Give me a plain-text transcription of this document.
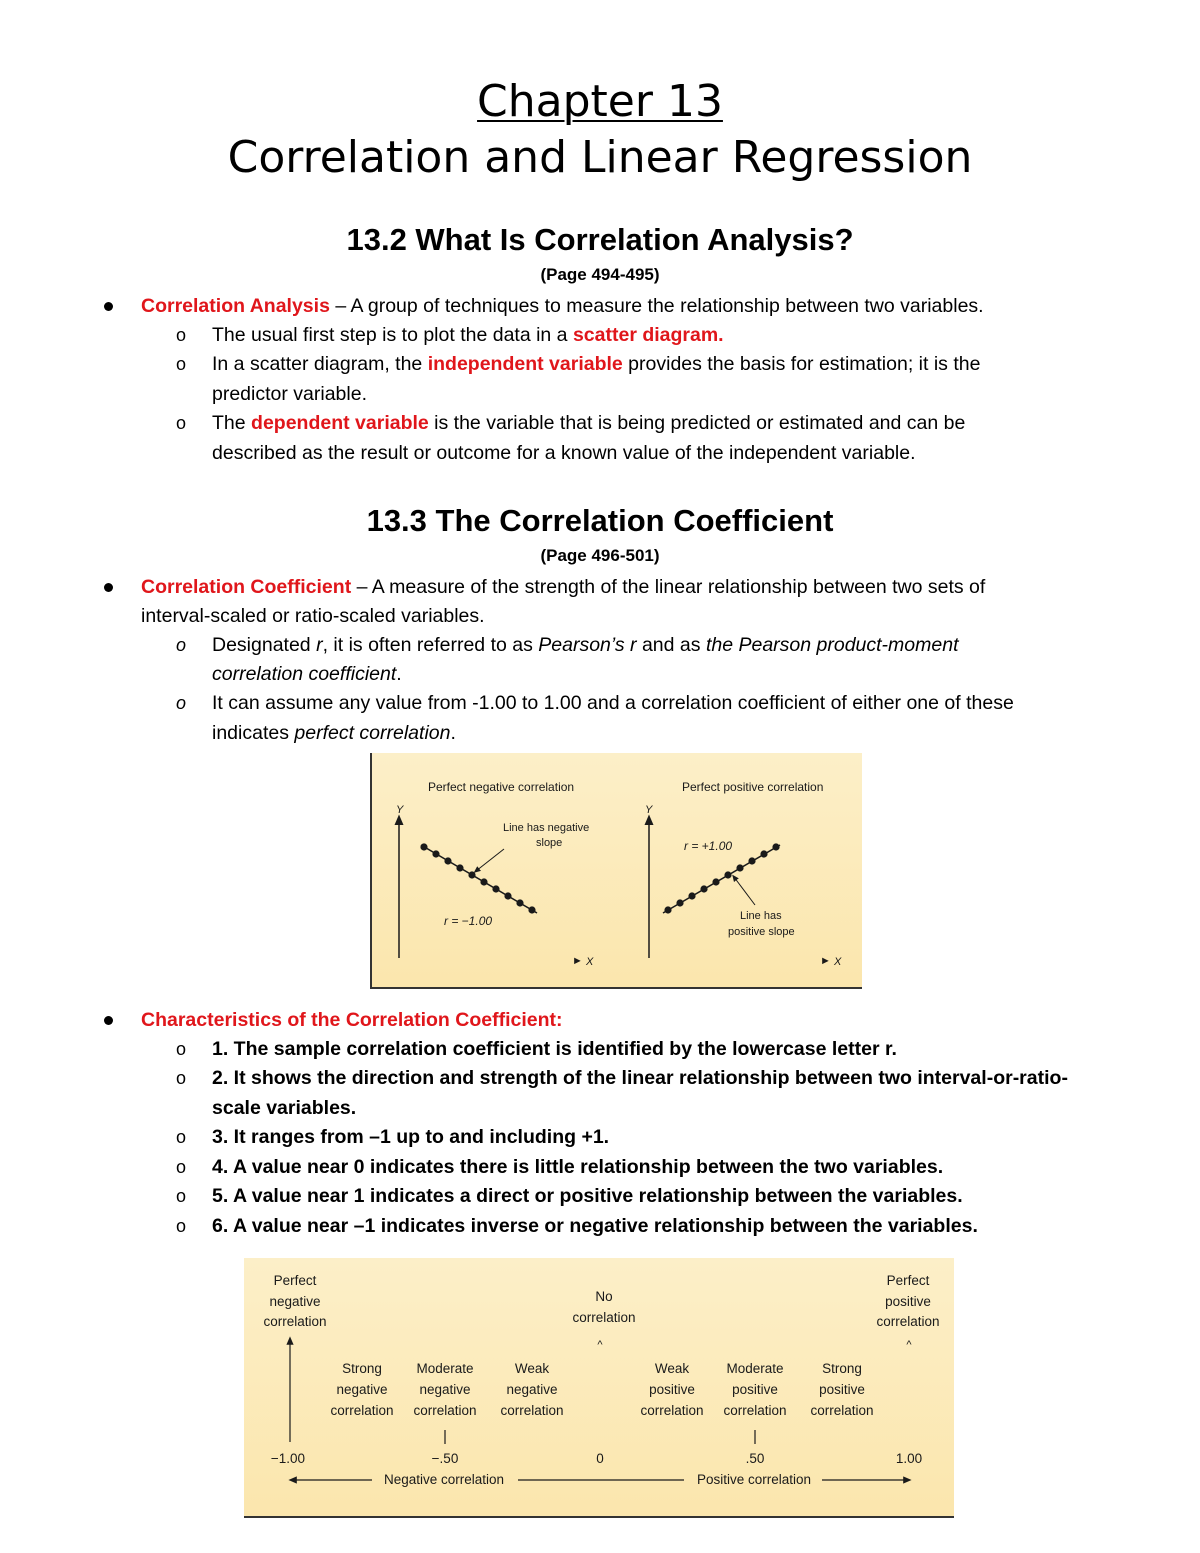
Chapter 13
Correlation and Linear Regression
13.2 What Is Correlation Analysis?
(Page 494-495)
Correlation Analysis – A group of techniques to measure the relationship between two variables.
o The usual first step is to plot the data in a scatter diagram.
o In a scatter diagram, the independent variable provides the basis for estimation; it is the
predictor variable.
o The dependent variable is the variable that is being predicted or estimated and can be
described as the result or outcome for a known value of the independent variable.
13.3 The Correlation Coefficient
(Page 496-501)
Correlation Coefficient – A measure of the strength of the linear relationship between two sets of
interval-scaled or ratio-scaled variables.
o Designated r, it is often referred to as Pearson’s r and as the Pearson product-moment
correlation coefficient.
o It can assume any value from -1.00 to 1.00 and a correlation coefficient of either one of these
indicates perfect correlation.
Perfect negative correlation
Y
Line has negative
slope
r = −1.00
X
►
Perfect positive correlation
Y
r = +1.00
Line has
positive slope
X
►
Characteristics of the Correlation Coefficient:
o 1. The sample correlation coefficient is identified by the lowercase letter r.
o 2. It shows the direction and strength of the linear relationship between two interval-or-ratio-
scale variables.
o 3. It ranges from –1 up to and including +1.
o 4. A value near 0 indicates there is little relationship between the two variables.
o 5. A value near 1 indicates a direct or positive relationship between the variables.
o 6. A value near –1 indicates inverse or negative relationship between the variables.
Perfect
negative
correlation
No
correlation
^
Perfect
positive
correlation
^
Strong
negative
correlation
Moderate
negative
correlation
Weak
negative
correlation
Weak
positive
correlation
Moderate
positive
correlation
Strong
positive
correlation
−1.00	−.50	0	.50	1.00
Negative correlation	Positive correlation
